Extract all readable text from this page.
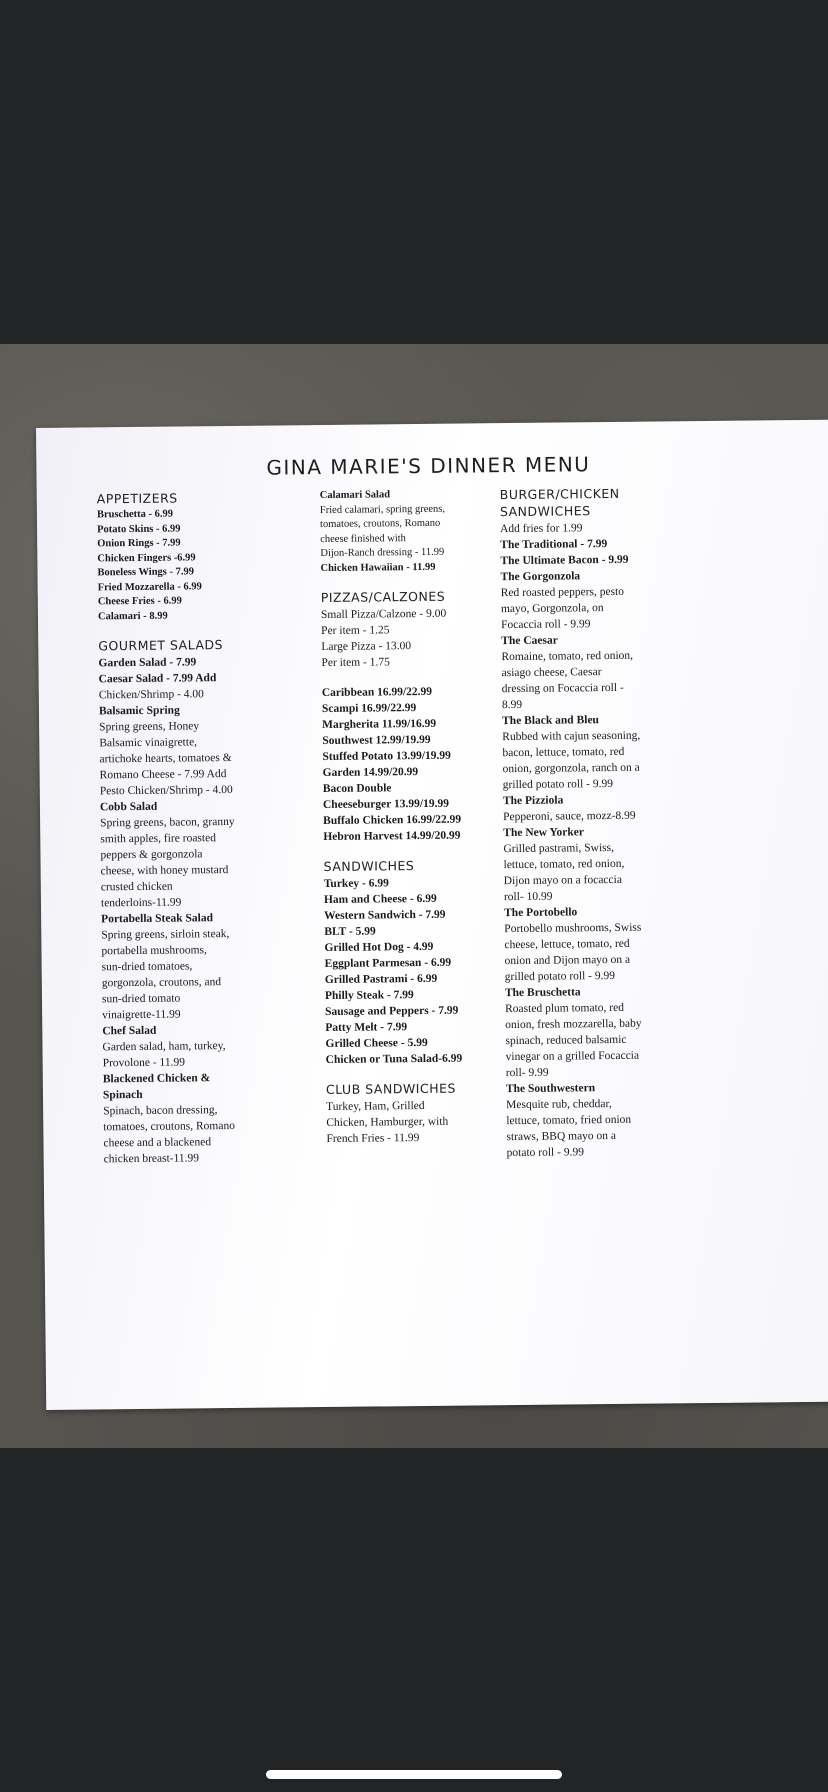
GINA MARIE'S DINNER MENU
APPETIZERS
Bruschetta - 6.99
Potato Skins - 6.99
Onion Rings - 7.99
Chicken Fingers -6.99
Boneless Wings - 7.99
Fried Mozzarella - 6.99
Cheese Fries - 6.99
Calamari - 8.99
GOURMET SALADS
Garden Salad - 7.99
Caesar Salad - 7.99 Add
Chicken/Shrimp - 4.00
Balsamic Spring
Spring greens, Honey
Balsamic vinaigrette,
artichoke hearts, tomatoes &
Romano Cheese - 7.99 Add
Pesto Chicken/Shrimp - 4.00
Cobb Salad
Spring greens, bacon, granny
smith apples, fire roasted
peppers & gorgonzola
cheese, with honey mustard
crusted chicken
tenderloins-11.99
Portabella Steak Salad
Spring greens, sirloin steak,
portabella mushrooms,
sun-dried tomatoes,
gorgonzola, croutons, and
sun-dried tomato
vinaigrette-11.99
Chef Salad
Garden salad, ham, turkey,
Provolone - 11.99
Blackened Chicken &
Spinach
Spinach, bacon dressing,
tomatoes, croutons, Romano
cheese and a blackened
chicken breast-11.99
Calamari Salad
Fried calamari, spring greens,
tomatoes, croutons, Romano
cheese finished with
Dijon-Ranch dressing - 11.99
Chicken Hawaiian - 11.99
PIZZAS/CALZONES
Small Pizza/Calzone - 9.00
Per item - 1.25
Large Pizza - 13.00
Per item - 1.75
Caribbean 16.99/22.99
Scampi 16.99/22.99
Margherita 11.99/16.99
Southwest 12.99/19.99
Stuffed Potato 13.99/19.99
Garden 14.99/20.99
Bacon Double
Cheeseburger 13.99/19.99
Buffalo Chicken 16.99/22.99
Hebron Harvest 14.99/20.99
SANDWICHES
Turkey - 6.99
Ham and Cheese - 6.99
Western Sandwich - 7.99
BLT - 5.99
Grilled Hot Dog - 4.99
Eggplant Parmesan - 6.99
Grilled Pastrami - 6.99
Philly Steak - 7.99
Sausage and Peppers - 7.99
Patty Melt - 7.99
Grilled Cheese - 5.99
Chicken or Tuna Salad-6.99
CLUB SANDWICHES
Turkey, Ham, Grilled
Chicken, Hamburger, with
French Fries - 11.99
BURGER/CHICKEN
SANDWICHES
Add fries for 1.99
The Traditional - 7.99
The Ultimate Bacon - 9.99
The Gorgonzola
Red roasted peppers, pesto
mayo, Gorgonzola, on
Focaccia roll - 9.99
The Caesar
Romaine, tomato, red onion,
asiago cheese, Caesar
dressing on Focaccia roll -
8.99
The Black and Bleu
Rubbed with cajun seasoning,
bacon, lettuce, tomato, red
onion, gorgonzola, ranch on a
grilled potato roll - 9.99
The Pizziola
Pepperoni, sauce, mozz-8.99
The New Yorker
Grilled pastrami, Swiss,
lettuce, tomato, red onion,
Dijon mayo on a focaccia
roll- 10.99
The Portobello
Portobello mushrooms, Swiss
cheese, lettuce, tomato, red
onion and Dijon mayo on a
grilled potato roll - 9.99
The Bruschetta
Roasted plum tomato, red
onion, fresh mozzarella, baby
spinach, reduced balsamic
vinegar on a grilled Focaccia
roll- 9.99
The Southwestern
Mesquite rub, cheddar,
lettuce, tomato, fried onion
straws, BBQ mayo on a
potato roll - 9.99
